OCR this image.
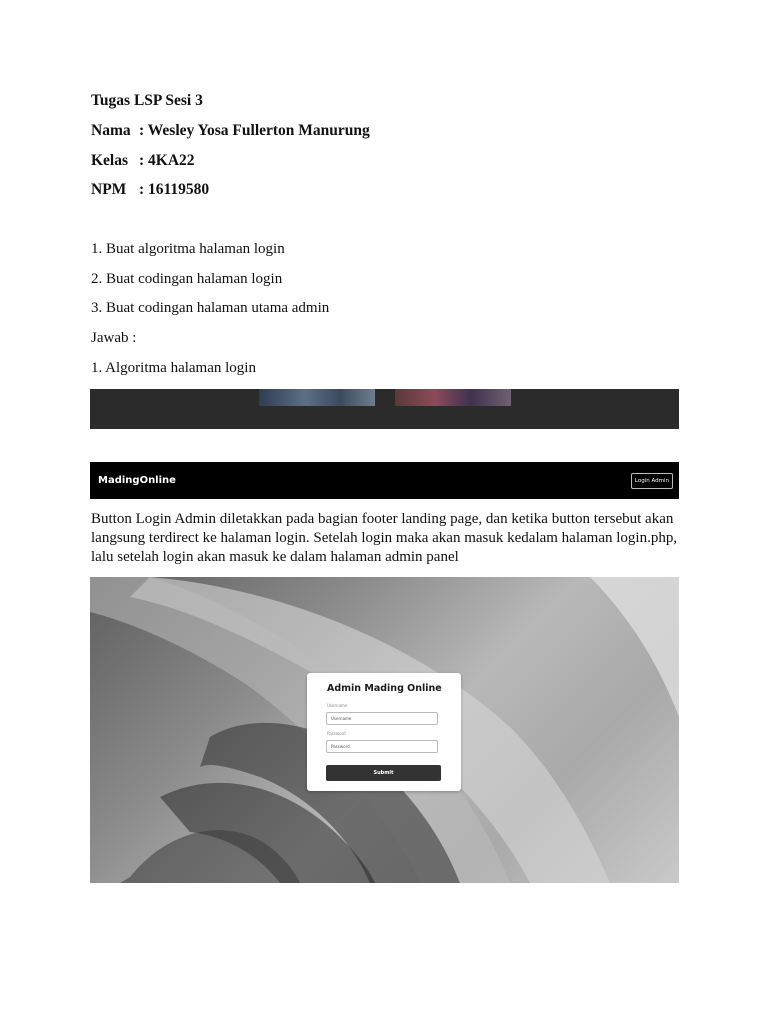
Tugas LSP Sesi 3
Nama : Wesley Yosa Fullerton Manurung
Kelas : 4KA22
NPM : 16119580
1. Buat algoritma halaman login
2. Buat codingan halaman login
3. Buat codingan halaman utama admin
Jawab :
1. Algoritma halaman login
MadingOnline	Login Admin
Button Login Admin diletakkan pada bagian footer landing page, dan ketika button tersebut akan langsung terdirect ke halaman login. Setelah login maka akan masuk kedalam halaman login.php, lalu setelah login akan masuk ke dalam halaman admin panel
Admin Mading Online
Username
Username
Password
Password
Submit
